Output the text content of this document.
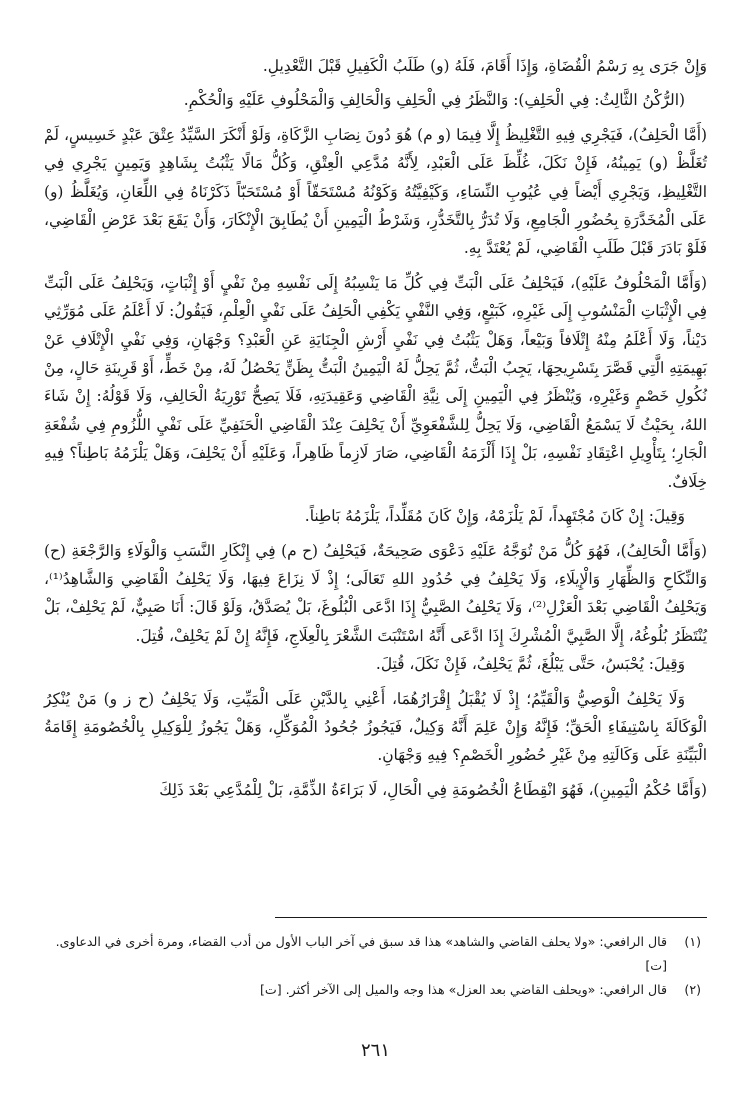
وَإِنْ جَرَى بِهِ رَسْمُ الْقُضَاةِ، وَإِذَا أَقَامَ، فَلَهُ (و) طَلَبُ الْكَفِيلِ قَبْلَ التَّعْدِيلِ.

(الرُّكْنُ الثَّالِثُ: فِي الْحَلِفِ): وَالنَّظَرُ فِي الْحَلِفِ وَالْحَالِفِ وَالْمَحْلُوفِ عَلَيْهِ وَالْحُكْمِ.

(أَمَّا الْحَلِفُ)، فَيَجْرِي فِيهِ التَّغْلِيظُ إِلَّا فِيمَا (و م) هُوَ دُونَ نِصَابِ الزَّكَاةِ، وَلَوْ أَنْكَرَ السَّيِّدُ عِتْقَ عَبْدٍ خَسِيسٍ، لَمْ تُغَلَّظْ (و) يَمِينُهُ، فَإِنْ نَكَلَ، غُلِّظَ عَلَى الْعَبْدِ، لِأَنَّهُ مُدَّعِي الْعِتْقِ، وَكُلُّ مَالًا يَثْبُتُ بِشَاهِدٍ وَيَمِينٍ يَجْرِي فِي التَّغْلِيظِ، وَيَجْرِي أَيْضاً فِي عُيُوبِ النِّسَاءِ، وَكَيْفِيَّتُهُ وَكَوْنُهُ مُسْتَحَقّاً أَوْ مُسْتَحَبّاً ذَكَرْنَاهُ فِي اللِّعَانِ، وَيُغَلَّظُ (و) عَلَى الْمُخَدَّرَةِ بِحُضُورِ الْجَامِعِ، وَلَا تُدَرُّ بِالتَّخَدُّرِ، وَشَرْطُ الْيَمِينِ أَنْ يُطَابِقَ الْإِنْكَارَ، وَأَنْ يَقَعَ بَعْدَ عَرْضِ الْقَاضِي، فَلَوْ بَادَرَ قَبْلَ طَلَبِ الْقَاضِي، لَمْ يُعْتَدَّ بِهِ.

(وَأَمَّا الْمَحْلُوفُ عَلَيْهِ)، فَيَحْلِفُ عَلَى الْبَتِّ فِي كُلِّ مَا يَنْسِبُهُ إِلَى نَفْسِهِ مِنْ نَفْيٍ أَوْ إِثْبَاتٍ، وَيَحْلِفُ عَلَى الْبَتِّ فِي الْإِثْبَاتِ الْمَنْسُوبِ إِلَى غَيْرِهِ، كَبَيْعٍ، وَفِي النَّفْيِ يَكْفِي الْحَلِفُ عَلَى نَفْيِ الْعِلْمِ، فَيَقُولُ: لَا أَعْلَمُ عَلَى مُوَرِّثِي دَيْناً، وَلَا أَعْلَمُ مِنْهُ إِتْلَافاً وَبَيْعاً، وَهَلْ يَثْبُتُ فِي نَفْيِ أَرْشِ الْجِنَايَةِ عَنِ الْعَبْدِ؟ وَجْهَانِ، وَفِي نَفْيِ الْإِتْلَافِ عَنْ بَهِيمَتِهِ الَّتِي قَصَّرَ بِتَسْرِيحِهَا، يَجِبُ الْبَتُّ، ثُمَّ يَحِلُّ لَهُ الْيَمِينُ الْبَتُّ بِظَنٍّ يَحْصُلُ لَهُ، مِنْ خَطٍّ، أَوْ قَرِينَةِ حَالٍ، مِنْ نُكُولِ خَصْمٍ وَغَيْرِهِ، وَيُنْظَرُ فِي الْيَمِينِ إِلَى نِيَّةِ الْقَاضِي وَعَقِيدَتِهِ، فَلَا يَصِحُّ تَوْرِيَةُ الْحَالِفِ، وَلَا قَوْلُهُ: إِنْ شَاءَ اللهُ، بِحَيْثُ لَا يَسْمَعُ الْقَاضِي، وَلَا يَحِلُّ لِلشَّفْعَوِيِّ أَنْ يَحْلِفَ عِنْدَ الْقَاضِي الْحَنَفِيِّ عَلَى نَفْيِ اللُّزُومِ فِي شُفْعَةِ الْجَارِ؛ بِتَأْوِيلِ اعْتِقَادِ نَفْسِهِ، بَلْ إِذَا أَلْزَمَهُ الْقَاضِي، صَارَ لَازِماً ظَاهِراً، وَعَلَيْهِ أَنْ يَحْلِفَ، وَهَلْ يَلْزَمُهُ بَاطِناً؟ فِيهِ خِلَافٌ.

وَقِيلَ: إِنْ كَانَ مُجْتَهِداً، لَمْ يَلْزَمْهُ، وَإِنْ كَانَ مُقَلِّداً، يَلْزَمُهُ بَاطِناً.

(وَأَمَّا الْحَالِفُ)، فَهُوَ كُلُّ مَنْ تُوَجَّهُ عَلَيْهِ دَعْوَى صَحِيحَةٌ، فَيَحْلِفُ (ح م) فِي إِنْكَارِ النَّسَبِ وَالْوَلَاءِ وَالرَّجْعَةِ (ح) وَالنِّكَاحِ وَالظِّهَارِ وَالْإِيلَاءِ، وَلَا يَحْلِفُ فِي حُدُودِ اللهِ تَعَالَى؛ إِذْ لَا نِزَاعَ فِيهَا، وَلَا يَحْلِفُ الْقَاضِي وَالشَّاهِدُ⁽¹⁾، وَيَحْلِفُ الْقَاضِي بَعْدَ الْعَزْلِ⁽²⁾، وَلَا يَحْلِفُ الصَّبِيُّ إِذَا ادَّعَى الْبُلُوغَ، بَلْ يُصَدَّقُ، وَلَوْ قَالَ: أَنَا صَبِيٌّ، لَمْ يَحْلِفْ، بَلْ يُنْتَظَرُ بُلُوغُهُ، إِلَّا الصَّبِيَّ الْمُشْرِكَ إِذَا ادَّعَى أَنَّهُ اسْتَنْبَتَ الشَّعْرَ بِالْعِلَاجِ، فَإِنَّهُ إِنْ لَمْ يَحْلِفْ، قُتِلَ.

وَقِيلَ: يُحْبَسُ، حَتَّى يَبْلُغَ، ثُمَّ يَحْلِفُ، فَإِنْ نَكَلَ، قُتِلَ.

وَلَا يَحْلِفُ الْوَصِيُّ وَالْقَيِّمُ؛ إِذْ لَا يُقْبَلُ إِقْرَارُهُمَا، أَعْنِي بِالدَّيْنِ عَلَى الْمَيِّتِ، وَلَا يَحْلِفُ (ح ز و) مَنْ يُنْكِرُ الْوَكَالَةَ بِاسْتِيفَاءِ الْحَقِّ؛ فَإِنَّهُ وَإِنْ عَلِمَ أَنَّهُ وَكِيلٌ، فَيَجُوزُ جُحُودُ الْمُوَكِّلِ، وَهَلْ يَجُوزُ لِلْوَكِيلِ بِالْخُصُومَةِ إِقَامَةُ الْبَيِّنَةِ عَلَى وَكَالَتِهِ مِنْ غَيْرِ حُضُورِ الْخَصْمِ؟ فِيهِ وَجْهَانِ.

(وَأَمَّا حُكْمُ الْيَمِينِ)، فَهُوَ انْقِطَاعُ الْخُصُومَةِ فِي الْحَالِ، لَا بَرَاءَةُ الذِّمَّةِ، بَلْ لِلْمُدَّعِي بَعْدَ ذَلِكَ

(١)
قال الرافعي: «ولا يحلف القاضي والشاهد» هذا قد سبق في آخر الباب الأول من أدب القضاء، ومرة أخرى في الدعاوى. [ت]
(٢)
قال الرافعي: «ويحلف القاضي بعد العزل» هذا وجه والميل إلى الآخر أكثر. [ت]
٢٦١
